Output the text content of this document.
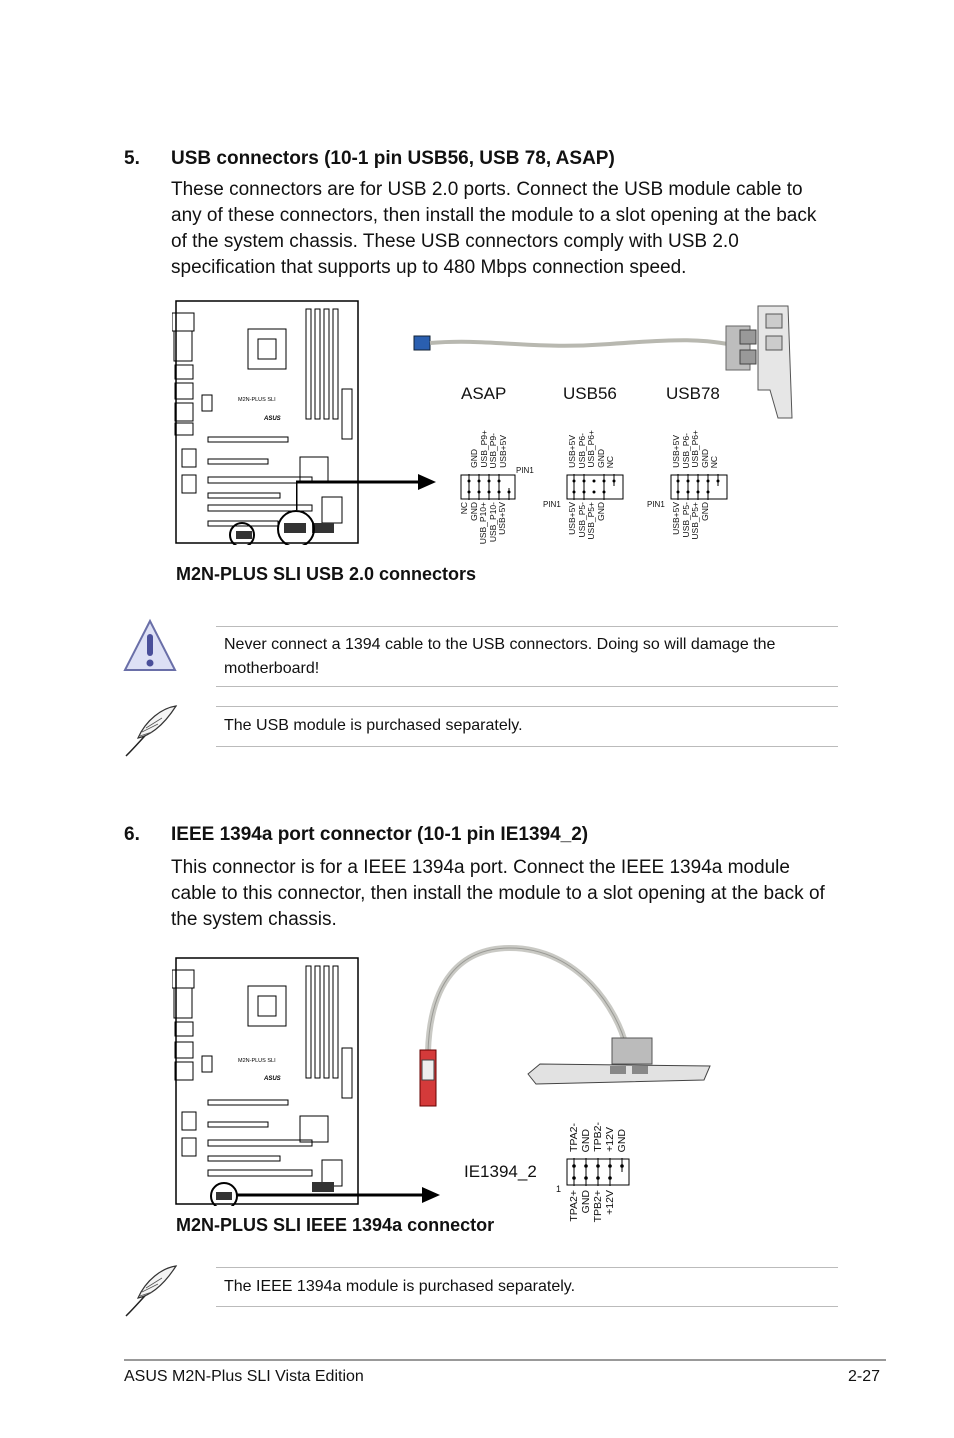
5. USB connectors (10-1 pin USB56, USB 78, ASAP)
These connectors are for USB 2.0 ports. Connect the USB module cable to any of these connectors, then install the module to a slot opening at the back of the system chassis. These USB connectors comply with USB 2.0 specification that supports up to 480 Mbps connection speed.
M2N-PLUS SLI
ASUS
ASAP	USB56	USB78
GND USB_P9+ USB_P9- USB+5V
PIN1
NC GND USB_P10+ USB_P10- USB+5V
USB+5V USB_P6- USB_P6+ GND NC
PIN1 USB+5V USB_P5- USB_P5+ GND
USB+5V USB_P6- USB_P6+ GND NC
PIN1 USB+5V USB_P5- USB_P5+ GND
M2N-PLUS SLI USB 2.0 connectors
Never connect a 1394 cable to the USB connectors. Doing so will damage the motherboard!
The USB module is purchased separately.
6. IEEE 1394a port connector (10-1 pin IE1394_2)
This connector is for a IEEE 1394a port. Connect the IEEE 1394a module cable to this connector, then install the module to a slot opening at the back of the system chassis.
M2N-PLUS SLI
ASUS
IE1394_2
TPA2- GND TPB2- +12V GND
1
TPA2+ GND TPB2+ +12V
M2N-PLUS SLI IEEE 1394a connector
The IEEE 1394a module is purchased separately.
ASUS M2N-Plus SLI Vista Edition	2-27
